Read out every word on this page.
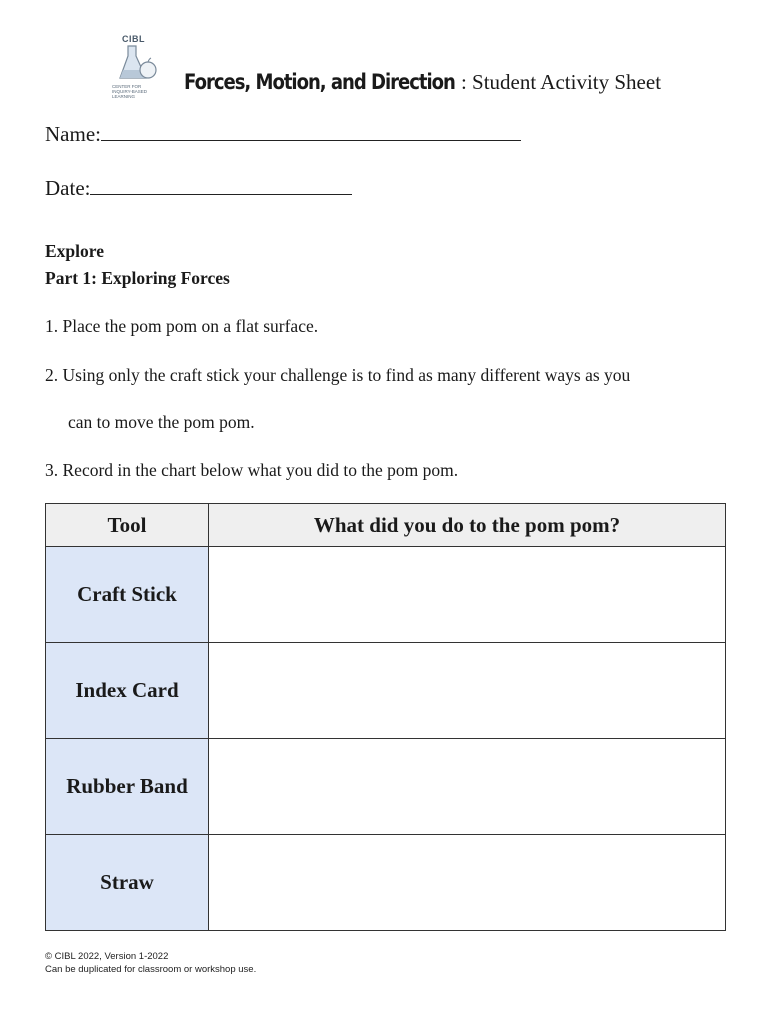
CIBL
CENTER FOR INQUIRY-BASED LEARNING
Forces, Motion, and Direction : Student Activity Sheet
Name:
Date:
Explore
Part 1: Exploring Forces
1. Place the pom pom on a flat surface.
2. Using only the craft stick your challenge is to find as many different ways as you
can to move the pom pom.
3. Record in the chart below what you did to the pom pom.
Tool	What did you do to the pom pom?
Craft Stick	
Index Card	
Rubber Band	
Straw	
© CIBL 2022, Version 1-2022
Can be duplicated for classroom or workshop use.
